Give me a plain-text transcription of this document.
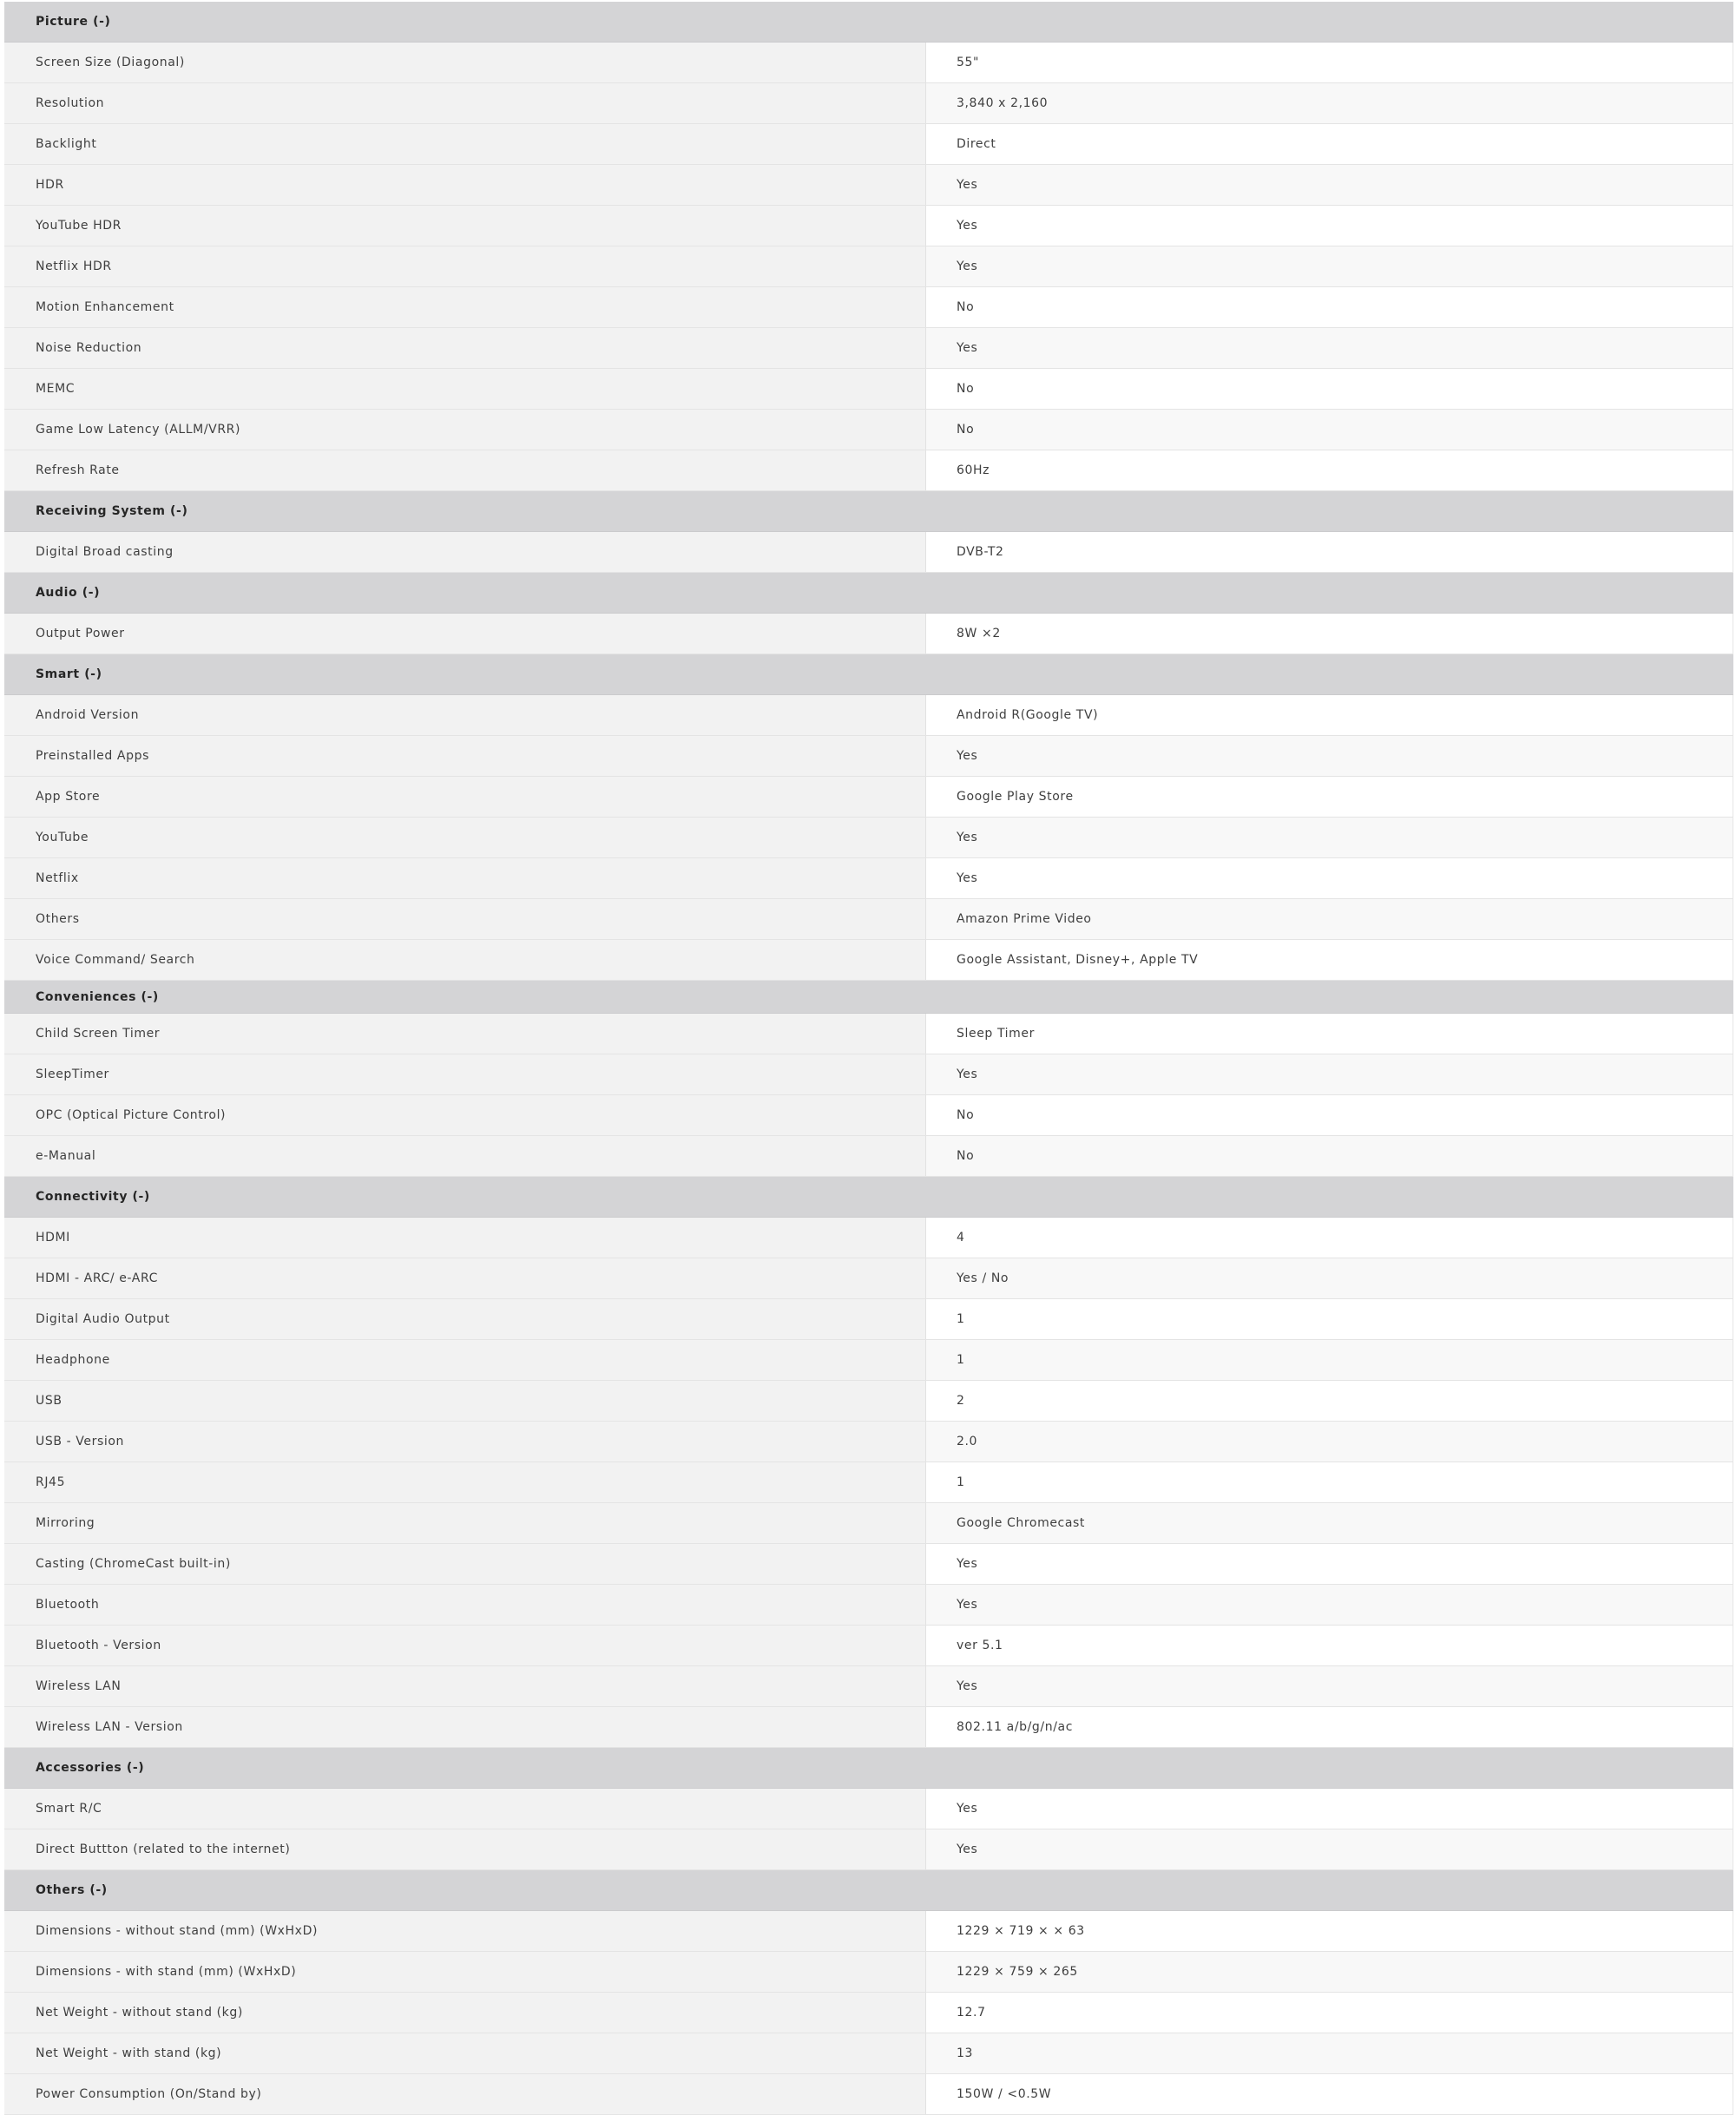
Picture (-)
Screen Size (Diagonal)	55"
Resolution	3,840 x 2,160
Backlight	Direct
HDR	Yes
YouTube HDR	Yes
Netflix HDR	Yes
Motion Enhancement	No
Noise Reduction	Yes
MEMC	No
Game Low Latency (ALLM/VRR)	No
Refresh Rate	60Hz
Receiving System (-)
Digital Broad casting	DVB-T2
Audio (-)
Output Power	8W ×2
Smart (-)
Android Version	Android R(Google TV)
Preinstalled Apps	Yes
App Store	Google Play Store
YouTube	Yes
Netflix	Yes
Others	Amazon Prime Video
Voice Command/ Search	Google Assistant, Disney+, Apple TV
Conveniences (-)
Child Screen Timer	Sleep Timer
SleepTimer	Yes
OPC (Optical Picture Control)	No
e-Manual	No
Connectivity (-)
HDMI	4
HDMI - ARC/ e-ARC	Yes / No
Digital Audio Output	1
Headphone	1
USB	2
USB - Version	2.0
RJ45	1
Mirroring	Google Chromecast
Casting (ChromeCast built-in)	Yes
Bluetooth	Yes
Bluetooth - Version	ver 5.1
Wireless LAN	Yes
Wireless LAN - Version	802.11 a/b/g/n/ac
Accessories (-)
Smart R/C	Yes
Direct Buttton (related to the internet)	Yes
Others (-)
Dimensions - without stand (mm) (WxHxD)	1229 × 719 × × 63
Dimensions - with stand (mm) (WxHxD)	1229 × 759 × 265
Net Weight - without stand (kg)	12.7
Net Weight - with stand (kg)	13
Power Consumption (On/Stand by)	150W / <0.5W
